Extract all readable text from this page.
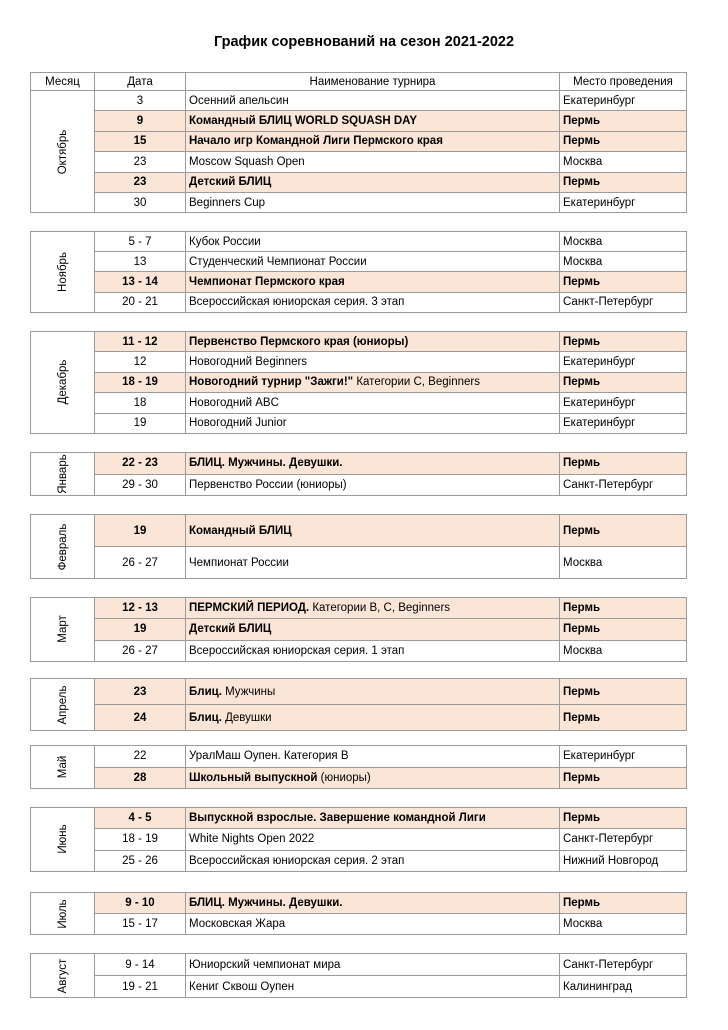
График соревнований на сезон 2021-2022
Месяц	Дата	Наименование турнира	Место проведения
Октябрь	3	Осенний апельсин	Екатеринбург
	9	Командный БЛИЦ WORLD SQUASH DAY	Пермь
	15	Начало игр Командной Лиги Пермского края	Пермь
	23	Moscow Squash Open	Москва
	23	Детский БЛИЦ	Пермь
	30	Beginners Cup	Екатеринбург
Ноябрь	5 - 7	Кубок России	Москва
	13	Студенческий Чемпионат России	Москва
	13 - 14	Чемпионат Пермского края	Пермь
	20 - 21	Всероссийская юниорская серия. 3 этап	Санкт-Петербург
Декабрь	11 - 12	Первенство Пермского края (юниоры)	Пермь
	12	Новогодний Beginners	Екатеринбург
	18 - 19	Новогодний турнир "Зажги!" Категории С, Beginners	Пермь
	18	Новогодний ABC	Екатеринбург
	19	Новогодний Junior	Екатеринбург
Январь	22 - 23	БЛИЦ. Мужчины. Девушки.	Пермь
	29 - 30	Первенство России (юниоры)	Санкт-Петербург
Февраль	19	Командный БЛИЦ	Пермь
	26 - 27	Чемпионат России	Москва
Март	12 - 13	ПЕРМСКИЙ ПЕРИОД. Категории B, C, Beginners	Пермь
	19	Детский БЛИЦ	Пермь
	26 - 27	Всероссийская юниорская серия. 1 этап	Москва
Апрель	23	Блиц. Мужчины	Пермь
	24	Блиц. Девушки	Пермь
Май	22	УралМаш Оупен. Категория В	Екатеринбург
	28	Школьный выпускной (юниоры)	Пермь
Июнь	4 - 5	Выпускной взрослые. Завершение командной Лиги	Пермь
	18 - 19	White Nights Open 2022	Санкт-Петербург
	25 - 26	Всероссийская юниорская серия. 2 этап	Нижний Новгород
Июль	9 - 10	БЛИЦ. Мужчины. Девушки.	Пермь
	15 - 17	Московская Жара	Москва
Август	9 - 14	Юниорский чемпионат мира	Санкт-Петербург
	19 - 21	Кениг Сквош Оупен	Калининград
